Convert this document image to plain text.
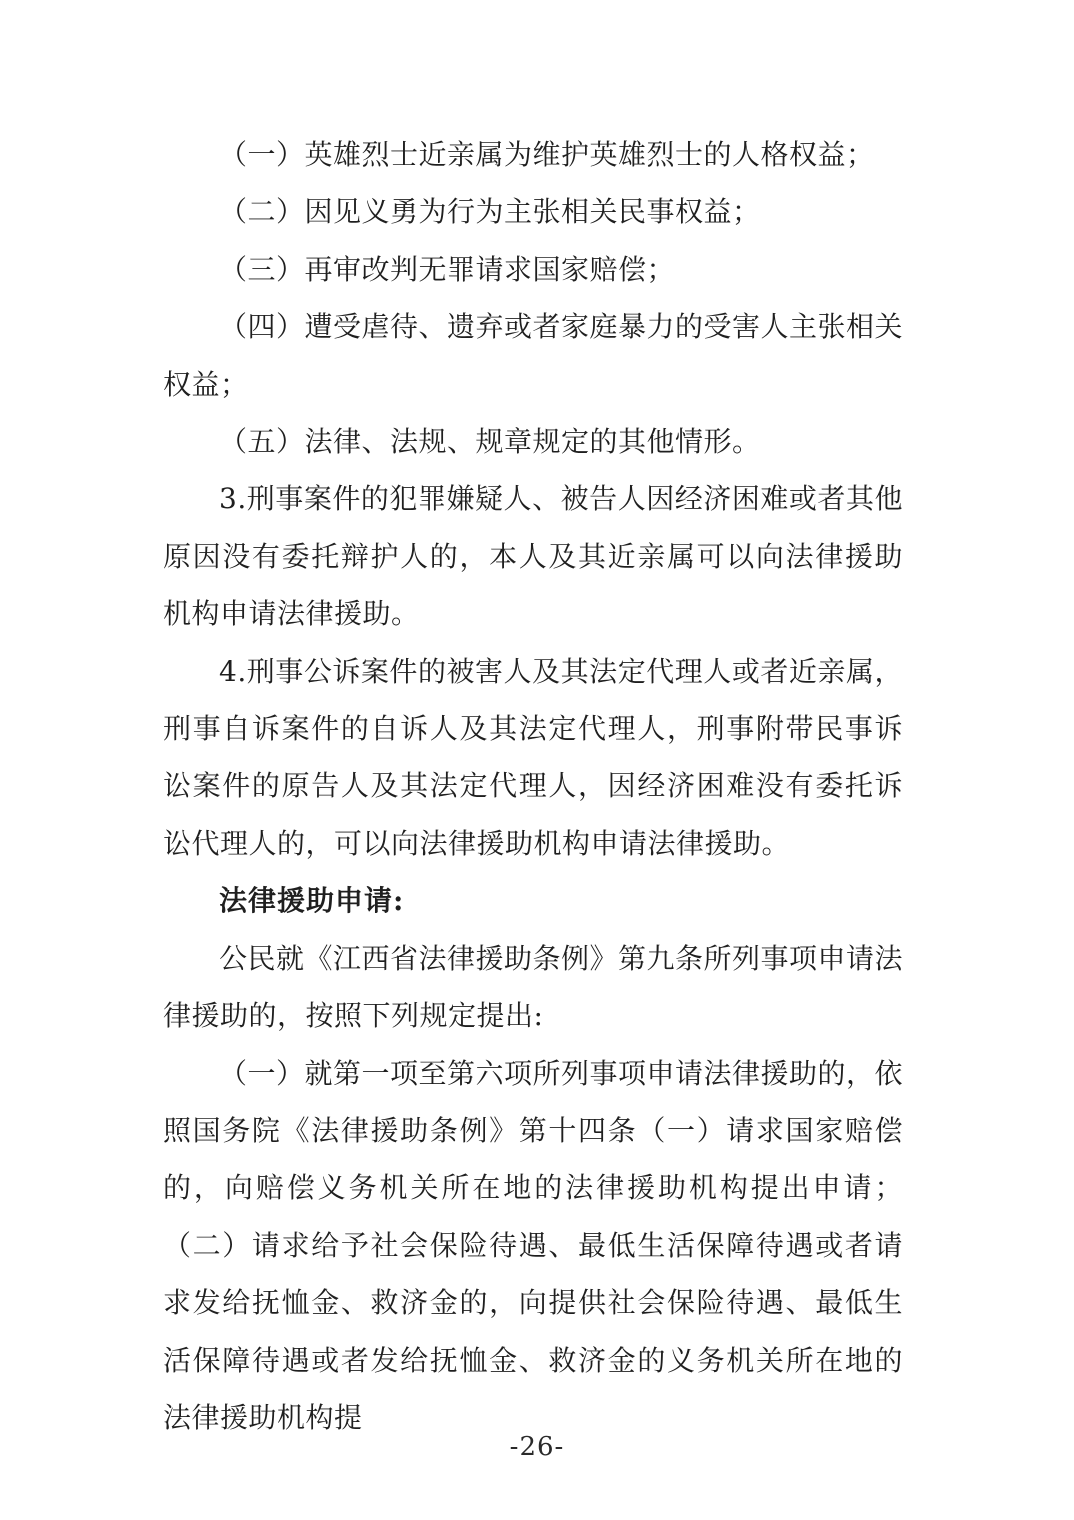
（一）英雄烈士近亲属为维护英雄烈士的人格权益；

（二）因见义勇为行为主张相关民事权益；

（三）再审改判无罪请求国家赔偿；

（四）遭受虐待、遗弃或者家庭暴力的受害人主张相关权益；

（五）法律、法规、规章规定的其他情形。

3.刑事案件的犯罪嫌疑人、被告人因经济困难或者其他原因没有委托辩护人的，本人及其近亲属可以向法律援助机构申请法律援助。

4.刑事公诉案件的被害人及其法定代理人或者近亲属，刑事自诉案件的自诉人及其法定代理人，刑事附带民事诉讼案件的原告人及其法定代理人，因经济困难没有委托诉讼代理人的，可以向法律援助机构申请法律援助。

法律援助申请:

公民就《江西省法律援助条例》第九条所列事项申请法律援助的，按照下列规定提出:

（一）就第一项至第六项所列事项申请法律援助的，依照国务院《法律援助条例》第十四条（一）请求国家赔偿的，向赔偿义务机关所在地的法律援助机构提出申请；（二）请求给予社会保险待遇、最低生活保障待遇或者请求发给抚恤金、救济金的，向提供社会保险待遇、最低生活保障待遇或者发给抚恤金、救济金的义务机关所在地的法律援助机构提

-26-
